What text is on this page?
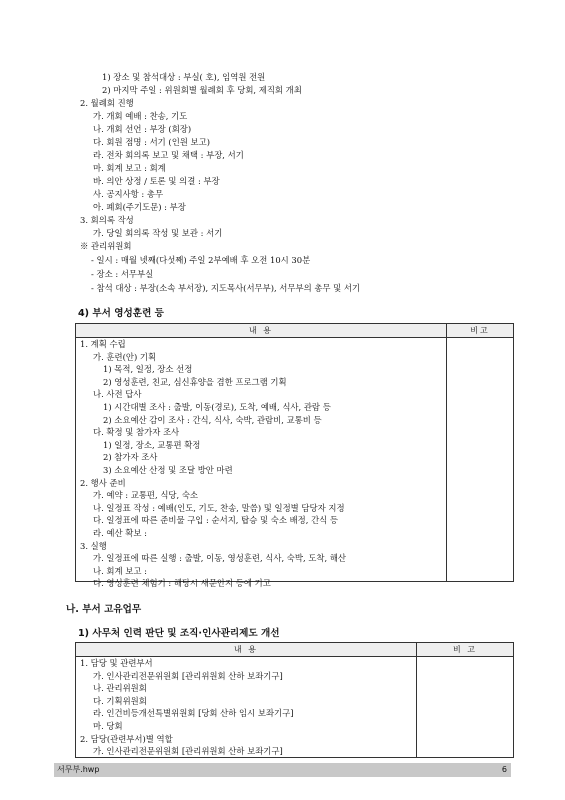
1) 장소 및 참석대상 : 부실( 호), 임역원 전원
2) 마지막 주일 : 위원회별 월례회 후 당회, 제직회 개최
2. 월례회 진행
가. 개회 예배 : 찬송, 기도
나. 개회 선언 : 부장 (회장)
다. 회원 점명 : 서기 (인원 보고)
라. 전차 회의록 보고 및 채택 : 부장, 서기
마. 회계 보고 : 회계
바. 의안 상정 / 토론 및 의결 : 부장
사. 공지사항 : 총무
아. 폐회(주기도문) : 부장
3. 회의록 작성
가. 당일 회의록 작성 및 보관 : 서기
※ 관리위원회
- 일시 : 매월 넷째(다섯째) 주일 2부예배 후 오전 10시 30분
- 장소 : 서무부실
- 참석 대상 : 부장(소속 부서장), 지도목사(서무부), 서무부의 총무 및 서기
4) 부서 영성훈련 등
내 용	비고
1. 계획 수립
가. 훈련(안) 기획
1) 목적, 일정, 장소 선정
2) 영성훈련, 친교, 심신휴양을 겸한 프로그램 기획
나. 사전 답사
1) 시간대별 조사 : 출발, 이동(경로), 도착, 예배, 식사, 관람 등
2) 소요예산 감이 조사 : 간식, 식사, 숙박, 관람비, 교통비 등
다. 확정 및 참가자 조사
1) 일정, 장소, 교통편 확정
2) 참가자 조사
3) 소요예산 산정 및 조달 방안 마련
2. 행사 준비
가. 예약 : 교통편, 식당, 숙소
나. 일정표 작성 : 예배(인도, 기도, 찬송, 말씀) 및 일정별 담당자 지정
다. 일정표에 따른 준비물 구입 : 순서지, 탑승 및 숙소 배정, 간식 등
라. 예산 확보 :
3. 실행
가. 일정표에 따른 실행 : 출발, 이동, 영성훈련, 식사, 숙박, 도착, 해산
나. 회계 보고 :
다. 영성훈련 체험기 : 해당시 새문안지 등에 기고
나. 부서 고유업무
1) 사무처 인력 판단 및 조직·인사관리제도 개선
내 용	비 고
1. 담당 및 관련부서
가. 인사관리전문위원회 [관리위원회 산하 보좌기구]
나. 관리위원회
다. 기획위원회
라. 인건비등개선특별위원회 [당회 산하 임시 보좌기구]
마. 당회
2. 담당(관련부서)별 역할
가. 인사관리전문위원회 [관리위원회 산하 보좌기구]
서무부.hwp	6
